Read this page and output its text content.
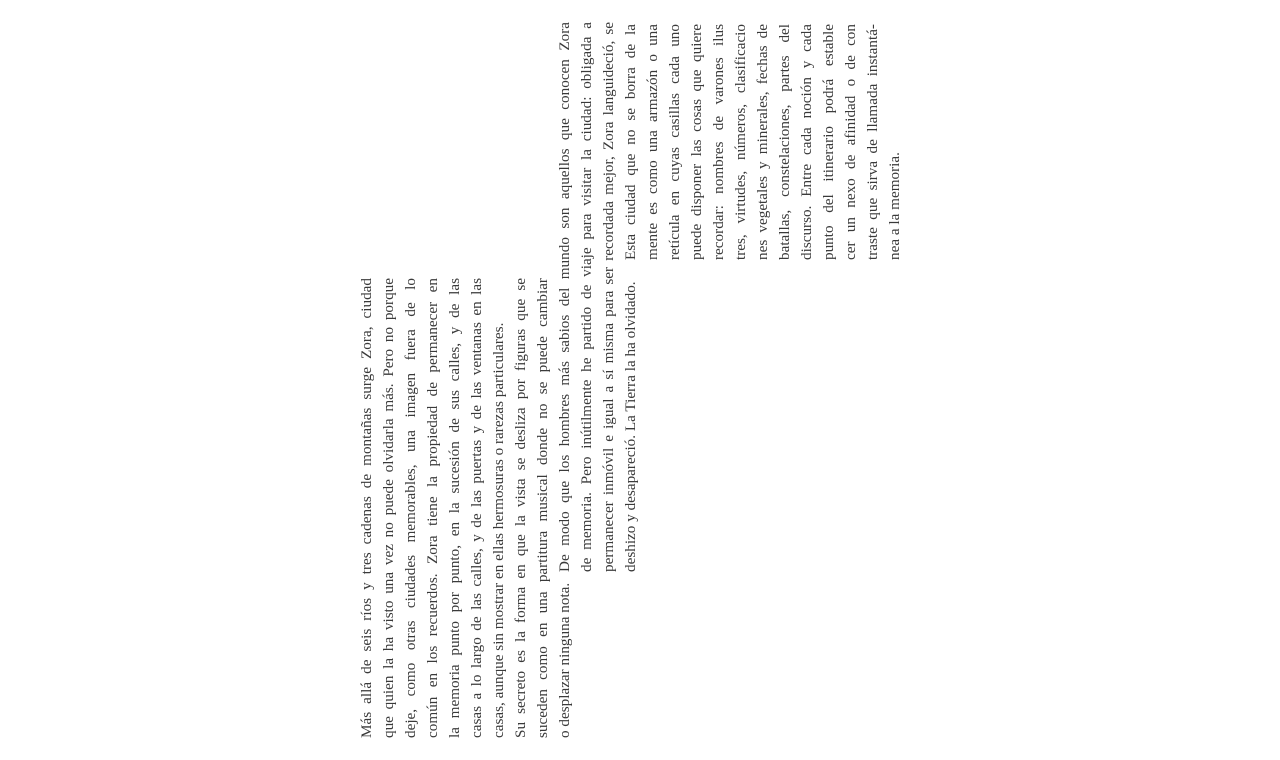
Más allá de seis ríos y tres cadenas de montañas surge Zora, ciudad que quien la ha visto una vez no puede olvidarla más. Pero no porque deje, como otras ciudades memorables, una imagen fuera de lo común en los recuerdos. Zora tiene la propiedad de permanecer en la memoria punto por punto, en la sucesión de sus calles, y de las casas a lo largo de las calles, y de las puertas y de las ventanas en las casas, aunque sin mostrar en ellas hermosuras o rarezas particulares. Su secreto es la forma en que la vista se desliza por figuras que se suceden como en una partitura musical donde no se puede cambiar o desplazar ninguna nota.
De modo que los hombres más sabios del mundo son aquellos que conocen Zora de memoria. Pero inútilmente he partido de viaje para visitar la ciudad: obligada a permanecer inmóvil e igual a sí misma para ser recordada mejor, Zora languideció, se deshizo y desapareció. La Tierra la ha olvidado.
Esta ciudad que no se borra de la mente es como una armazón o una retícula en cuyas casillas cada uno puede disponer las cosas que quiere recordar: nombres de varones ilus tres, virtudes, números, clasificacio nes vegetales y minerales, fechas de batallas, constelaciones, partes del discurso. Entre cada noción y cada punto del itinerario podrá estable cer un nexo de afinidad o de con traste que sirva de llamada instantá- nea a la memoria.
